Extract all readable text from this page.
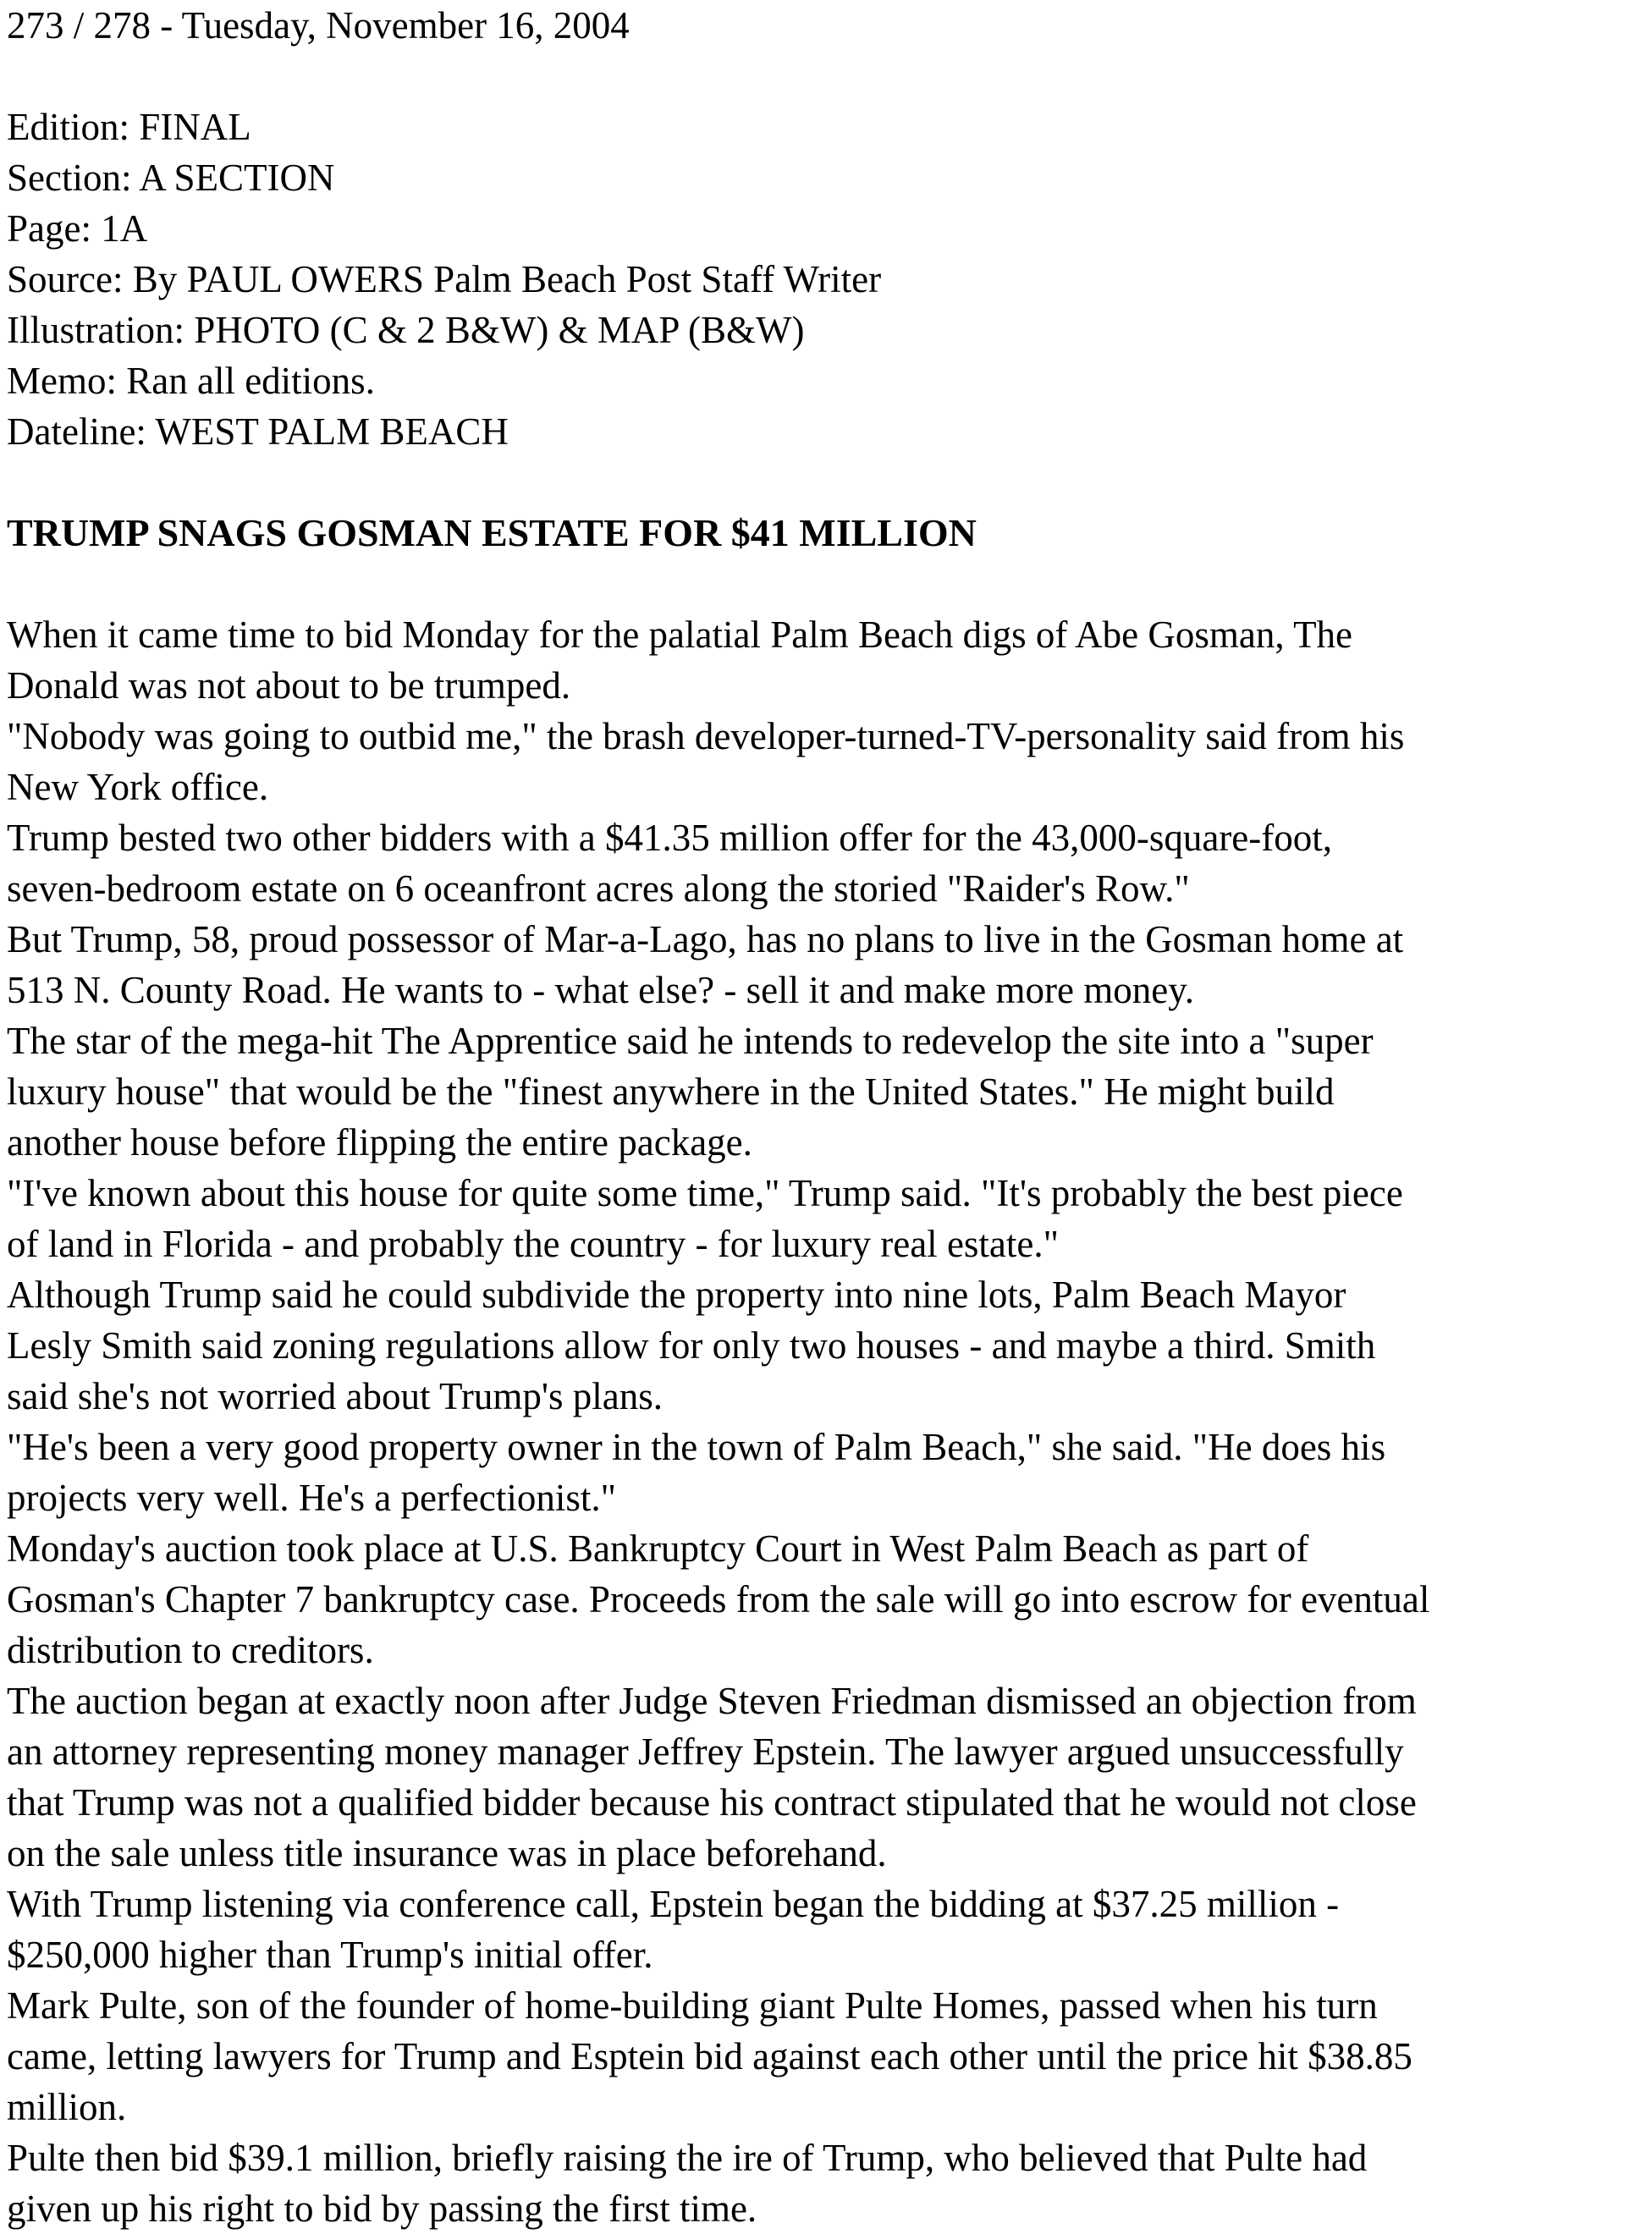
273 / 278 - Tuesday, November 16, 2004

Edition: FINAL

Section: A SECTION

Page: 1A

Source: By PAUL OWERS Palm Beach Post Staff Writer

Illustration: PHOTO (C & 2 B&W) & MAP (B&W)

Memo: Ran all editions.

Dateline: WEST PALM BEACH

TRUMP SNAGS GOSMAN ESTATE FOR $41 MILLION

When it came time to bid Monday for the palatial Palm Beach digs of Abe Gosman, The
Donald was not about to be trumped.

"Nobody was going to outbid me," the brash developer-turned-TV-personality said from his
New York office.

Trump bested two other bidders with a $41.35 million offer for the 43,000-square-foot,
seven-bedroom estate on 6 oceanfront acres along the storied "Raider's Row."

But Trump, 58, proud possessor of Mar-a-Lago, has no plans to live in the Gosman home at
513 N. County Road. He wants to - what else? - sell it and make more money.

The star of the mega-hit The Apprentice said he intends to redevelop the site into a "super
luxury house" that would be the "finest anywhere in the United States." He might build
another house before flipping the entire package.

"I've known about this house for quite some time," Trump said. "It's probably the best piece
of land in Florida - and probably the country - for luxury real estate."

Although Trump said he could subdivide the property into nine lots, Palm Beach Mayor
Lesly Smith said zoning regulations allow for only two houses - and maybe a third. Smith
said she's not worried about Trump's plans.

"He's been a very good property owner in the town of Palm Beach," she said. "He does his
projects very well. He's a perfectionist."

Monday's auction took place at U.S. Bankruptcy Court in West Palm Beach as part of
Gosman's Chapter 7 bankruptcy case. Proceeds from the sale will go into escrow for eventual
distribution to creditors.

The auction began at exactly noon after Judge Steven Friedman dismissed an objection from
an attorney representing money manager Jeffrey Epstein. The lawyer argued unsuccessfully
that Trump was not a qualified bidder because his contract stipulated that he would not close
on the sale unless title insurance was in place beforehand.

With Trump listening via conference call, Epstein began the bidding at $37.25 million -
$250,000 higher than Trump's initial offer.

Mark Pulte, son of the founder of home-building giant Pulte Homes, passed when his turn
came, letting lawyers for Trump and Esptein bid against each other until the price hit $38.85
million.

Pulte then bid $39.1 million, briefly raising the ire of Trump, who believed that Pulte had
given up his right to bid by passing the first time.
